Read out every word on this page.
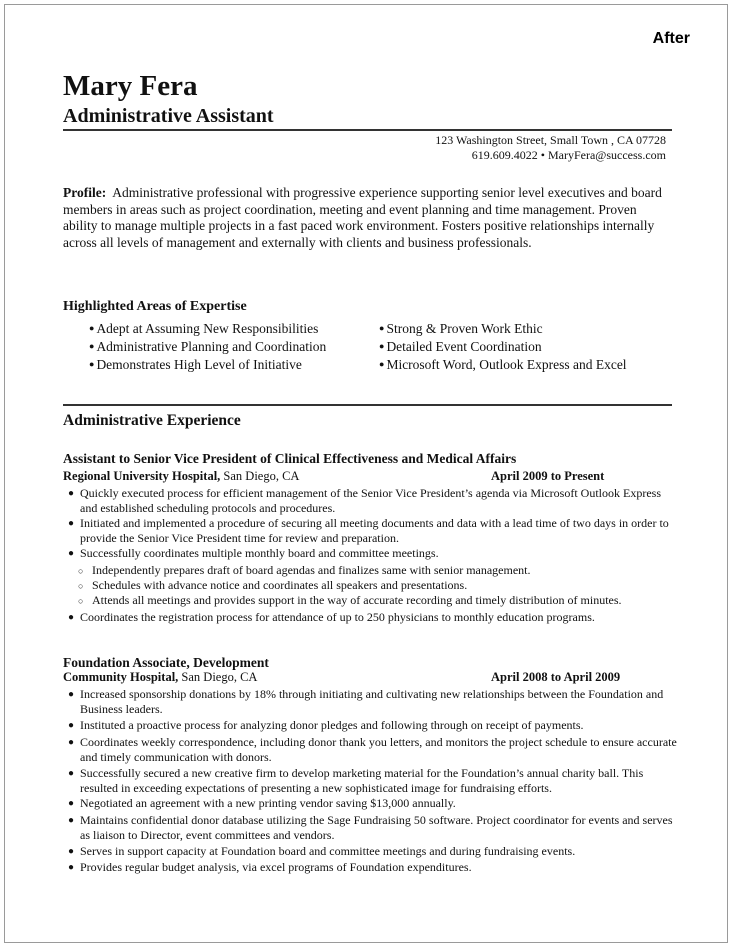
After
Mary Fera
Administrative Assistant
123 Washington Street, Small Town , CA 07728
619.609.4022 • MaryFera@success.com
Profile: Administrative professional with progressive experience supporting senior level executives and board members in areas such as project coordination, meeting and event planning and time management. Proven ability to manage multiple projects in a fast paced work environment. Fosters positive relationships internally across all levels of management and externally with clients and business professionals.
Highlighted Areas of Expertise
● Adept at Assuming New Responsibilities
● Administrative Planning and Coordination
● Demonstrates High Level of Initiative
● Strong & Proven Work Ethic
● Detailed Event Coordination
● Microsoft Word, Outlook Express and Excel
Administrative Experience
Assistant to Senior Vice President of Clinical Effectiveness and Medical Affairs
Regional University Hospital, San Diego, CA	April 2009 to Present
● Quickly executed process for efficient management of the Senior Vice President’s agenda via Microsoft Outlook Express and established scheduling protocols and procedures.
● Initiated and implemented a procedure of securing all meeting documents and data with a lead time of two days in order to provide the Senior Vice President time for review and preparation.
● Successfully coordinates multiple monthly board and committee meetings.
○ Independently prepares draft of board agendas and finalizes same with senior management.
○ Schedules with advance notice and coordinates all speakers and presentations.
○ Attends all meetings and provides support in the way of accurate recording and timely distribution of minutes.
● Coordinates the registration process for attendance of up to 250 physicians to monthly education programs.
Foundation Associate, Development
Community Hospital, San Diego, CA	April 2008 to April 2009
● Increased sponsorship donations by 18% through initiating and cultivating new relationships between the Foundation and Business leaders.
● Instituted a proactive process for analyzing donor pledges and following through on receipt of payments.
● Coordinates weekly correspondence, including donor thank you letters, and monitors the project schedule to ensure accurate and timely communication with donors.
● Successfully secured a new creative firm to develop marketing material for the Foundation’s annual charity ball. This resulted in exceeding expectations of presenting a new sophisticated image for fundraising efforts.
● Negotiated an agreement with a new printing vendor saving $13,000 annually.
● Maintains confidential donor database utilizing the Sage Fundraising 50 software. Project coordinator for events and serves as liaison to Director, event committees and vendors.
● Serves in support capacity at Foundation board and committee meetings and during fundraising events.
● Provides regular budget analysis, via excel programs of Foundation expenditures.
